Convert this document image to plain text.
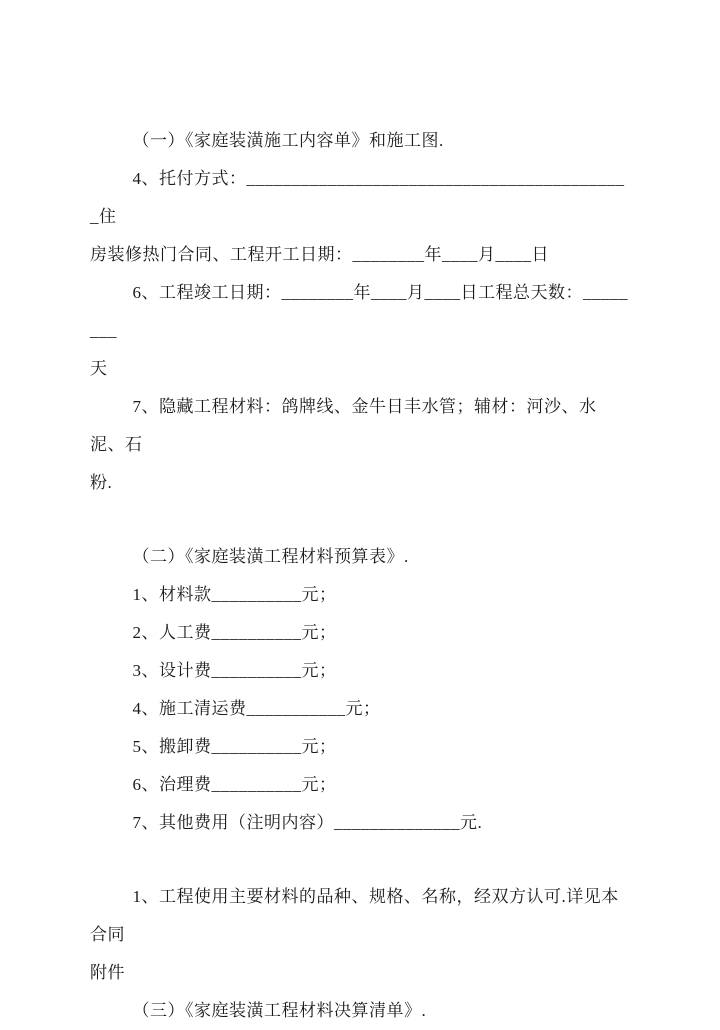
（一）《家庭装潢施工内容单》和施工图.
4、托付方式：___________________________________________住
房装修热门合同、工程开工日期：________年____月____日
6、工程竣工日期：________年____月____日工程总天数：________
天
7、隐藏工程材料：鸽牌线、金牛日丰水管；辅材：河沙、水泥、石
粉.
（二）《家庭装潢工程材料预算表》.
1、材料款__________元；
2、人工费__________元；
3、设计费__________元；
4、施工清运费___________元；
5、搬卸费__________元；
6、治理费__________元；
7、其他费用（注明内容）______________元.
1、工程使用主要材料的品种、规格、名称，经双方认可.详见本合同
附件
（三）《家庭装潢工程材料决算清单》.
